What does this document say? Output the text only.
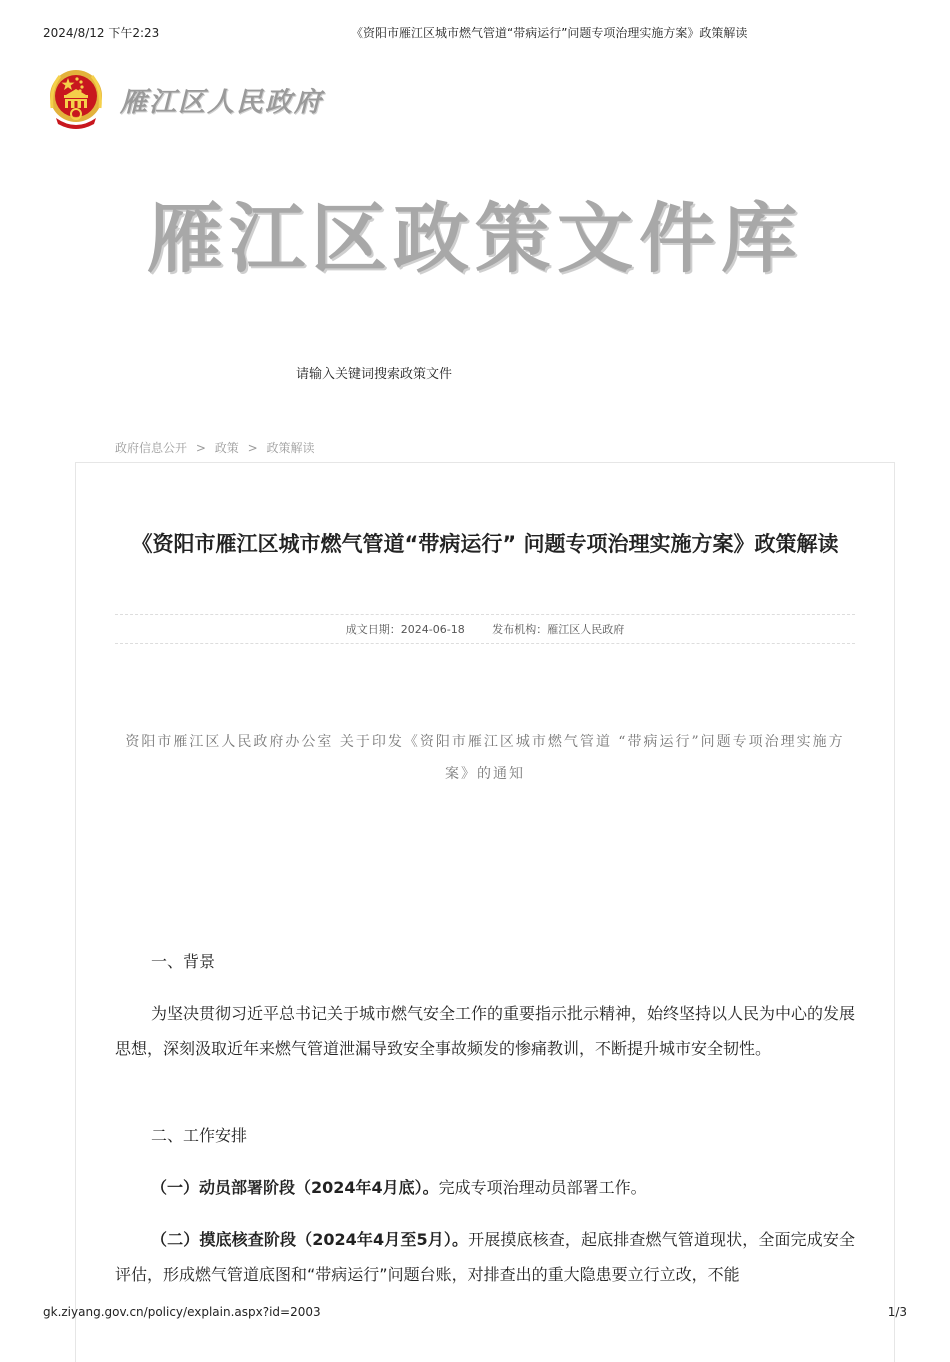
2024/8/12 下午2:23	《资阳市雁江区城市燃气管道“带病运行”问题专项治理实施方案》政策解读
雁江区人民政府
雁江区政策文件库
请输入关键词搜索政策文件
政府信息公开 > 政策 > 政策解读
《资阳市雁江区城市燃气管道“带病运行” 问题专项治理实施方案》政策解读
成文日期：2024-06-18	发布机构：雁江区人民政府
资阳市雁江区人民政府办公室 关于印发《资阳市雁江区城市燃气管道 “带病运行”问题专项治理实施方案》的通知
一、背景
为坚决贯彻习近平总书记关于城市燃气安全工作的重要指示批示精神，始终坚持以人民为中心的发展思想，深刻汲取近年来燃气管道泄漏导致安全事故频发的惨痛教训，不断提升城市安全韧性。
二、工作安排
（一）动员部署阶段（2024年4月底）。完成专项治理动员部署工作。
（二）摸底核查阶段（2024年4月至5月）。开展摸底核查，起底排查燃气管道现状，全面完成安全评估，形成燃气管道底图和“带病运行”问题台账，对排查出的重大隐患要立行立改，不能
gk.ziyang.gov.cn/policy/explain.aspx?id=2003	1/3
